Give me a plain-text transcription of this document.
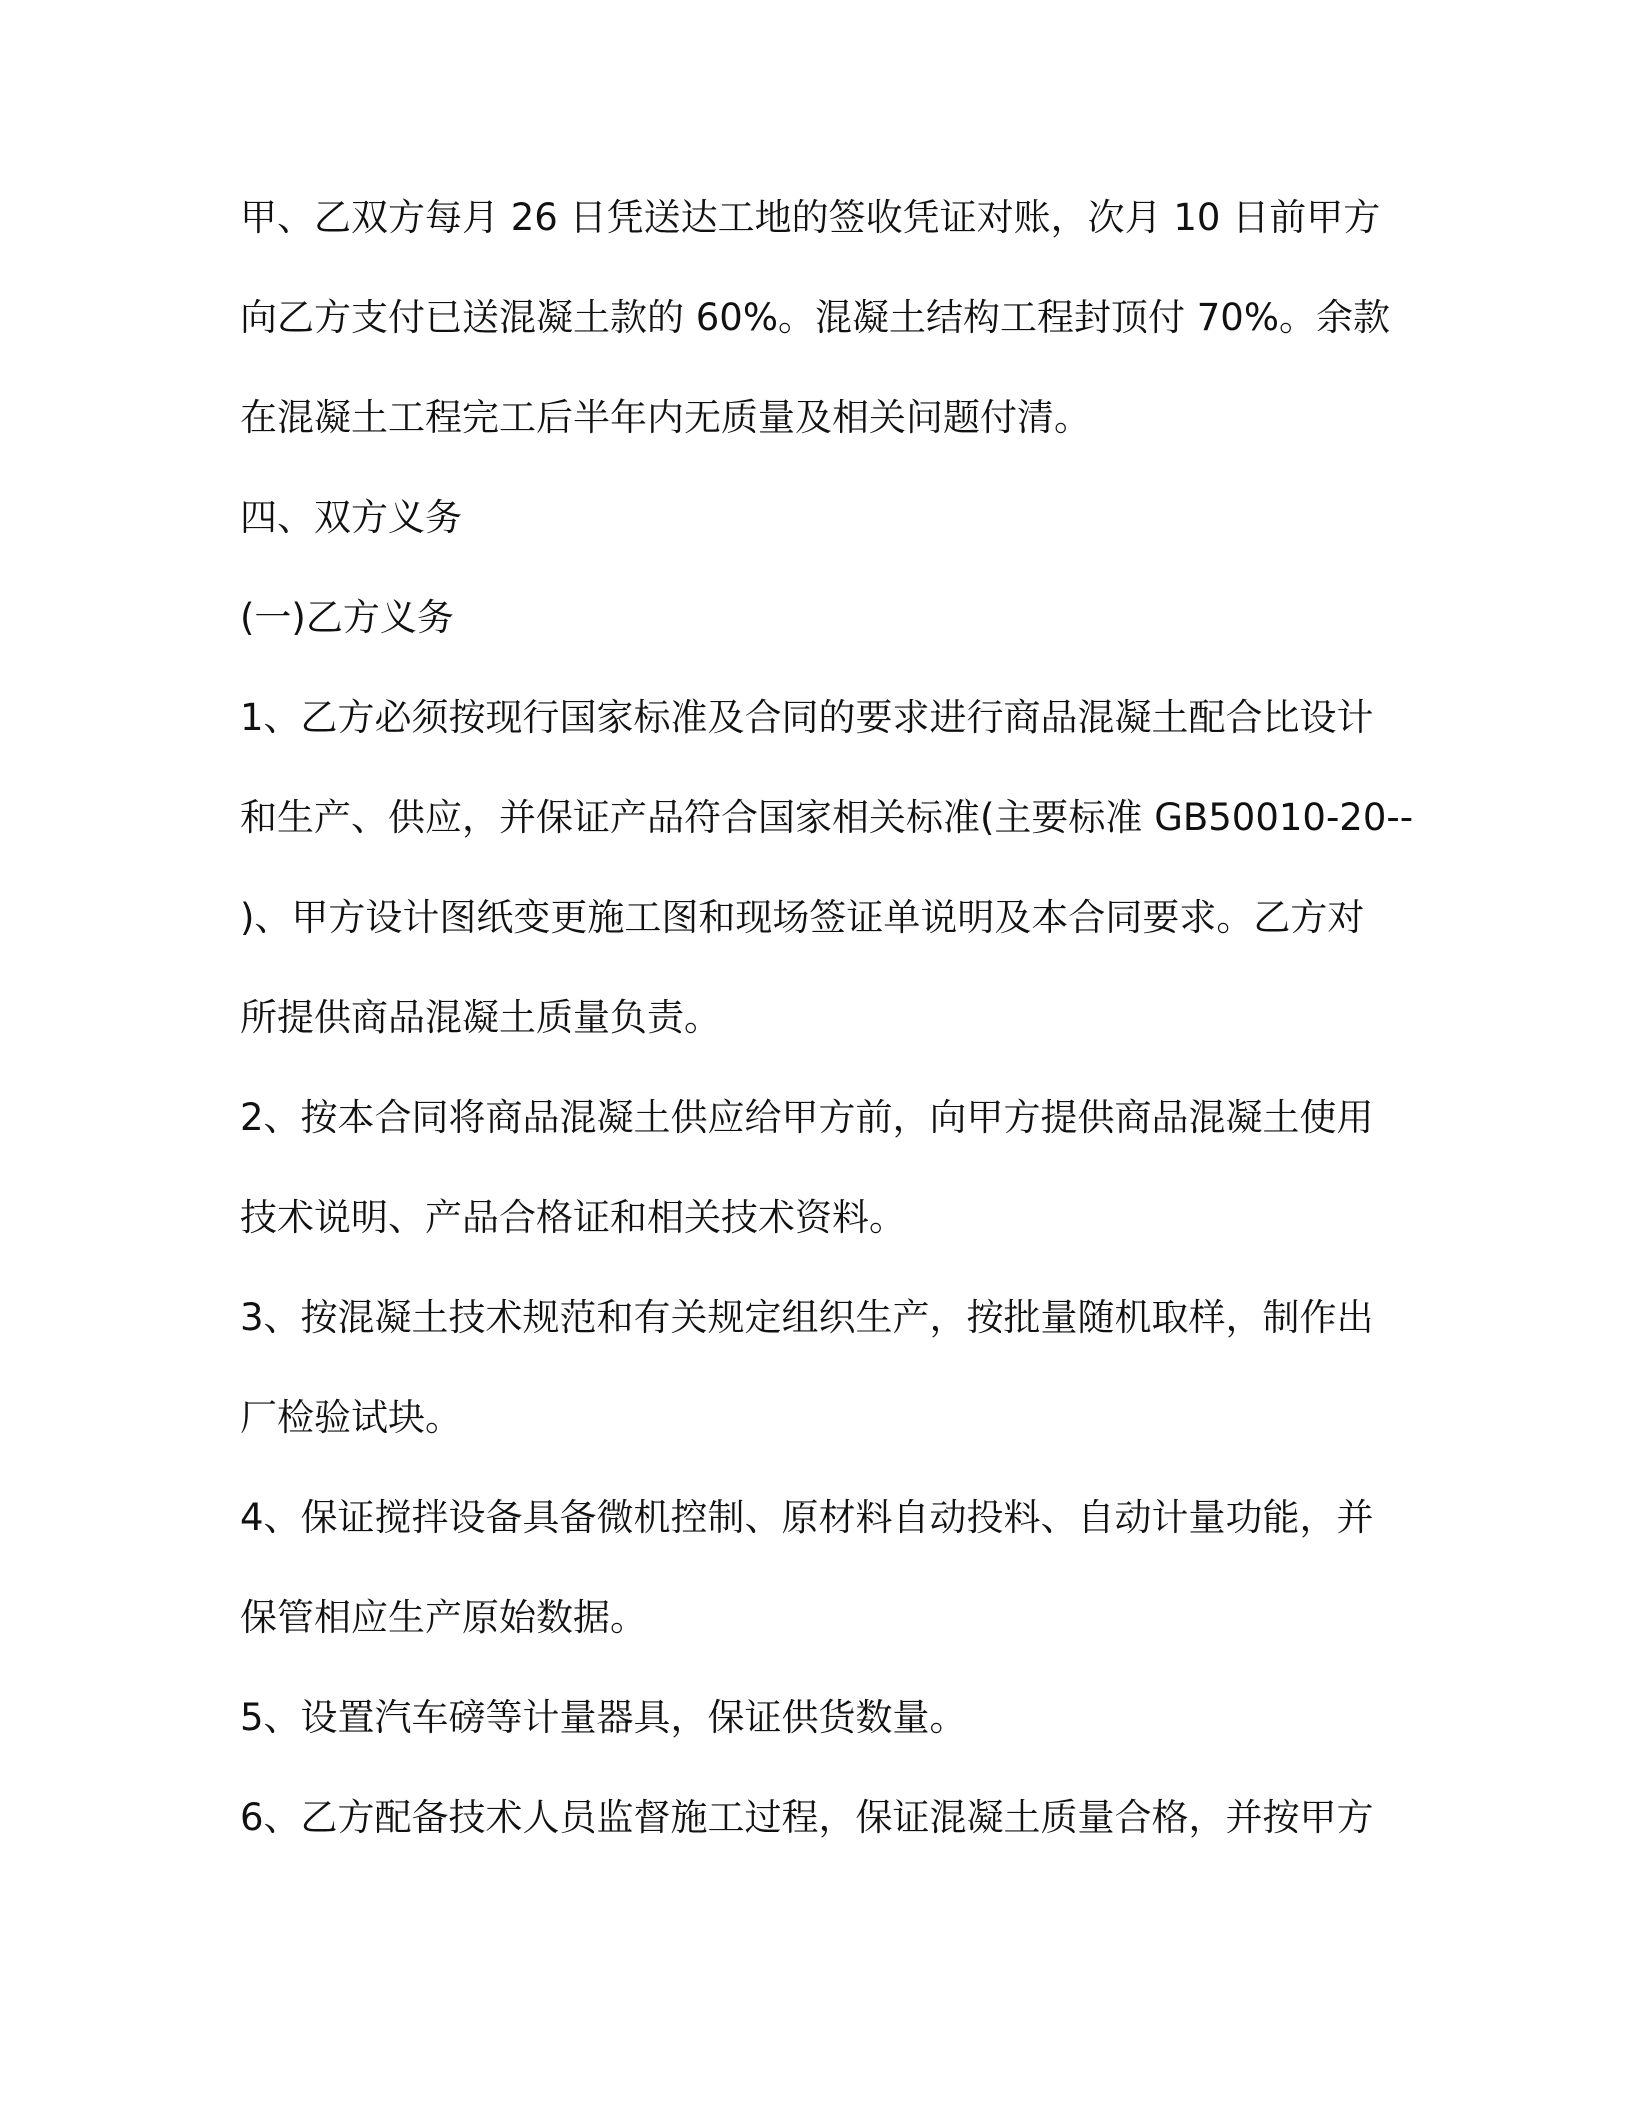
甲、乙双方每月 26 日凭送达工地的签收凭证对账，次月 10 日前甲方
向乙方支付已送混凝土款的 60%。混凝土结构工程封顶付 70%。余款
在混凝土工程完工后半年内无质量及相关问题付清。
四、双方义务
(一)乙方义务
1、乙方必须按现行国家标准及合同的要求进行商品混凝土配合比设计
和生产、供应，并保证产品符合国家相关标准(主要标准 GB50010-20--
)、甲方设计图纸变更施工图和现场签证单说明及本合同要求。乙方对
所提供商品混凝土质量负责。
2、按本合同将商品混凝土供应给甲方前，向甲方提供商品混凝土使用
技术说明、产品合格证和相关技术资料。
3、按混凝土技术规范和有关规定组织生产，按批量随机取样，制作出
厂检验试块。
4、保证搅拌设备具备微机控制、原材料自动投料、自动计量功能，并
保管相应生产原始数据。
5、设置汽车磅等计量器具，保证供货数量。
6、乙方配备技术人员监督施工过程，保证混凝土质量合格，并按甲方
